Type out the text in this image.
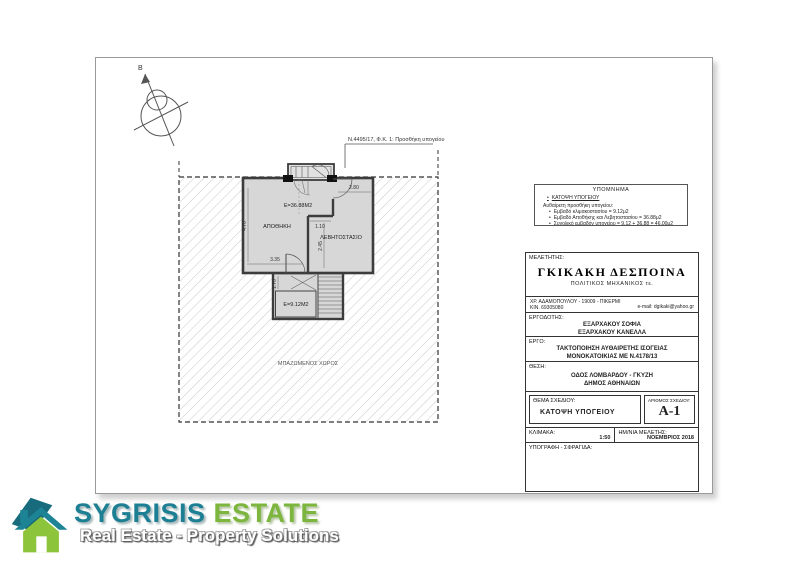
Β
Ν.4495/17, Φ.Κ. 1: Προσθήκη υπογείου
2.80
1.10
3.35
4.70
2.45
1.70
Ε=36.88Μ2
ΑΠΟΘΗΚΗ
ΛΕΒΗΤΟΣΤΑΣΙΟ
Ε=9.12Μ2
ΜΠΑΖΩΜΕΝΟΣ ΧΩΡΟΣ
ΥΠΟΜΝΗΜΑ
• ΚΑΤΟΨΗ ΥΠΟΓΕΙΟΥ
Αυθαίρετη προσθήκη υπογείου:
• Εμβαδό κλιμακοστασίου = 9.12μ2
• Εμβαδό Αποθήκης και Λεβητοστασίου = 36.88μ2
• Συνολικό εμβαδόν υπογείου = 9.12 + 36.88 = 46.00μ2
ΜΕΛΕΤΗΤΗΣ:
ΓΚΙΚΑΚΗ ΔΕΣΠΟΙΝΑ
ΠΟΛΙΤΙΚΟΣ ΜΗΧΑΝΙΚΟΣ τε.
ΧΡ. ΑΔΑΜΟΠΟΥΛΟΥ - 19009 - ΠΙΚΕΡΜΙ
ΚΙΝ. 69305080	e-mail: dgikaki@yahoo.gr
ΕΡΓΟΔΟΤΗΣ:
ΕΞΑΡΧΑΚΟΥ ΣΟΦΙΑ
ΕΞΑΡΧΑΚΟΥ ΚΑΝΕΛΛΑ
ΕΡΓΟ:
ΤΑΚΤΟΠΟΙΗΣΗ ΑΥΘΑΙΡΕΤΗΣ ΙΣΟΓΕΙΑΣ
ΜΟΝΟΚΑΤΟΙΚΙΑΣ ΜΕ Ν.4178/13
ΘΕΣΗ:
ΟΔΟΣ ΛΟΜΒΑΡΔΟΥ - ΓΚΥΖΗ
ΔΗΜΟΣ ΑΘΗΝΑΙΩΝ
ΘΕΜΑ ΣΧΕΔΙΟΥ:
ΚΑΤΟΨΗ ΥΠΟΓΕΙΟΥ
ΑΡΙΘΜΟΣ ΣΧΕΔΙΟΥ:
Α-1
ΚΛΙΜΑΚΑ:
1:50
ΗΜ/ΝΙΑ ΜΕΛΕΤΗΣ:
ΝΟΕΜΒΡΙΟΣ 2018
ΥΠΟΓΡΑΦΗ - ΣΦΡΑΓΙΔΑ:
SYGRISIS ESTATE
Real Estate - Property Solutions
